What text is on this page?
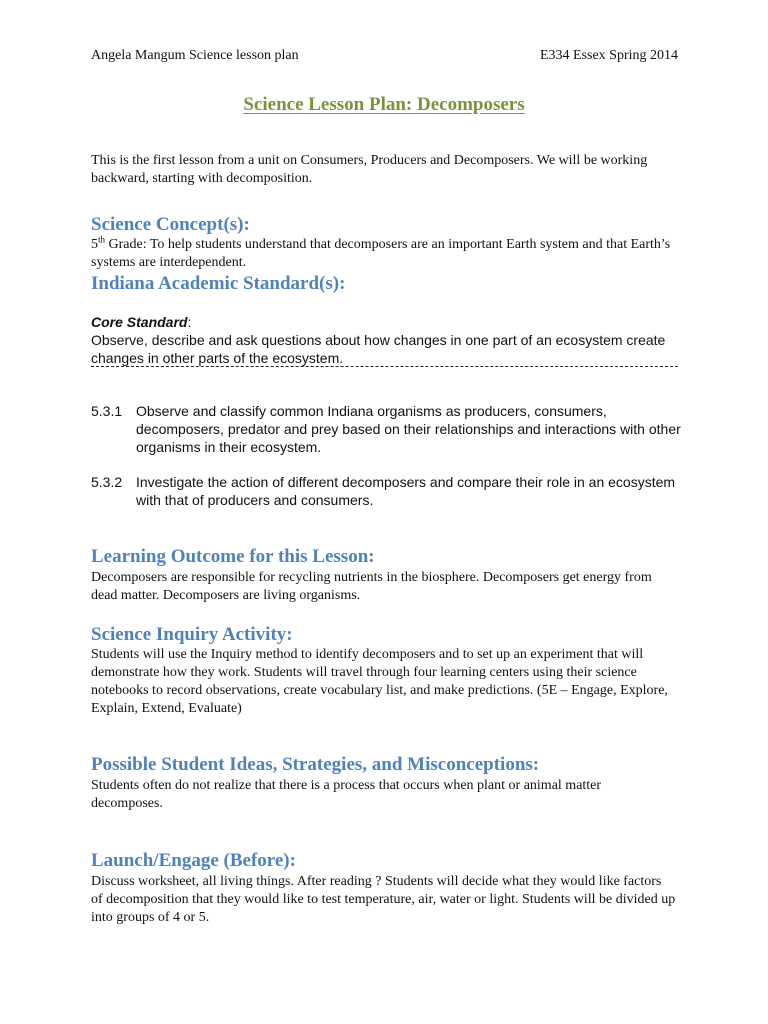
Angela Mangum Science lesson plan	E334 Essex Spring 2014
Science Lesson Plan: Decomposers
This is the first lesson from a unit on Consumers, Producers and Decomposers. We will be working backward, starting with decomposition.
Science Concept(s):
5th Grade: To help students understand that decomposers are an important Earth system and that Earth’s systems are interdependent.
Indiana Academic Standard(s):
Core Standard:
Observe, describe and ask questions about how changes in one part of an ecosystem create changes in other parts of the ecosystem.
5.3.1 Observe and classify common Indiana organisms as producers, consumers, decomposers, predator and prey based on their relationships and interactions with other organisms in their ecosystem.
5.3.2 Investigate the action of different decomposers and compare their role in an ecosystem with that of producers and consumers.
Learning Outcome for this Lesson:
Decomposers are responsible for recycling nutrients in the biosphere. Decomposers get energy from dead matter. Decomposers are living organisms.
Science Inquiry Activity:
Students will use the Inquiry method to identify decomposers and to set up an experiment that will demonstrate how they work. Students will travel through four learning centers using their science notebooks to record observations, create vocabulary list, and make predictions. (5E – Engage, Explore, Explain, Extend, Evaluate)
Possible Student Ideas, Strategies, and Misconceptions:
Students often do not realize that there is a process that occurs when plant or animal matter decomposes.
Launch/Engage (Before):
Discuss worksheet, all living things. After reading ? Students will decide what they would like factors of decomposition that they would like to test temperature, air, water or light. Students will be divided up into groups of 4 or 5.
